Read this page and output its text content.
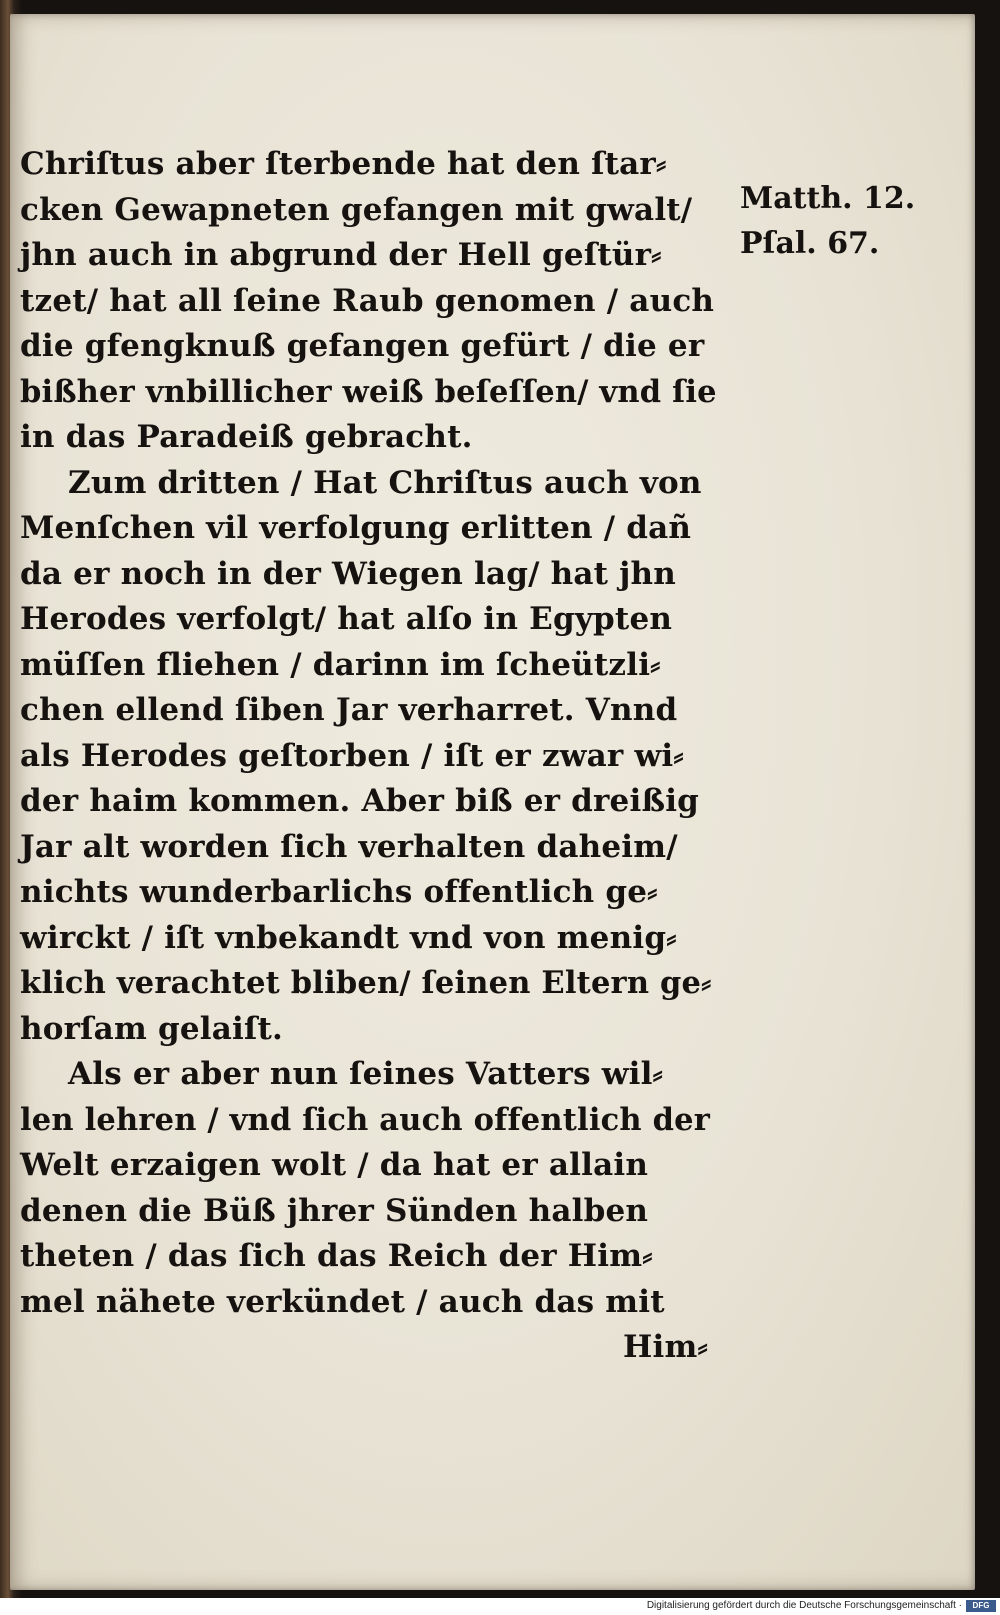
Chriſtus aber ſterbende hat den ſtar⸗
cken Gewapneten gefangen mit gwalt/
jhn auch in abgrund der Hell geſtür⸗
tzet/ hat all ſeine Raub genomen / auch
die gfengknuß gefangen gefürt / die er
bißher vnbillicher weiß beſeſſen/ vnd ſie
in das Paradeiß gebracht.
Zum dritten / Hat Chriſtus auch von
Menſchen vil verfolgung erlitten / dañ
da er noch in der Wiegen lag/ hat jhn
Herodes verfolgt/ hat alſo in Egypten
müſſen fliehen / darinn im ſcheützli⸗
chen ellend ſiben Jar verharret. Vnnd
als Herodes geſtorben / iſt er zwar wi⸗
der haim kommen. Aber biß er dreißig
Jar alt worden ſich verhalten daheim/
nichts wunderbarlichs offentlich ge⸗
wirckt / iſt vnbekandt vnd von menig⸗
klich verachtet bliben/ ſeinen Eltern ge⸗
horſam gelaiſt.
Als er aber nun ſeines Vatters wil⸗
len lehren / vnd ſich auch offentlich der
Welt erzaigen wolt / da hat er allain
denen die Büß jhrer Sünden halben
theten / das ſich das Reich der Him⸗
mel nähete verkündet / auch das mit
Him⸗
Matth. 12.
Pſal. 67.
Digitalisierung gefördert durch die Deutsche Forschungsgemeinschaft ·	DFG
